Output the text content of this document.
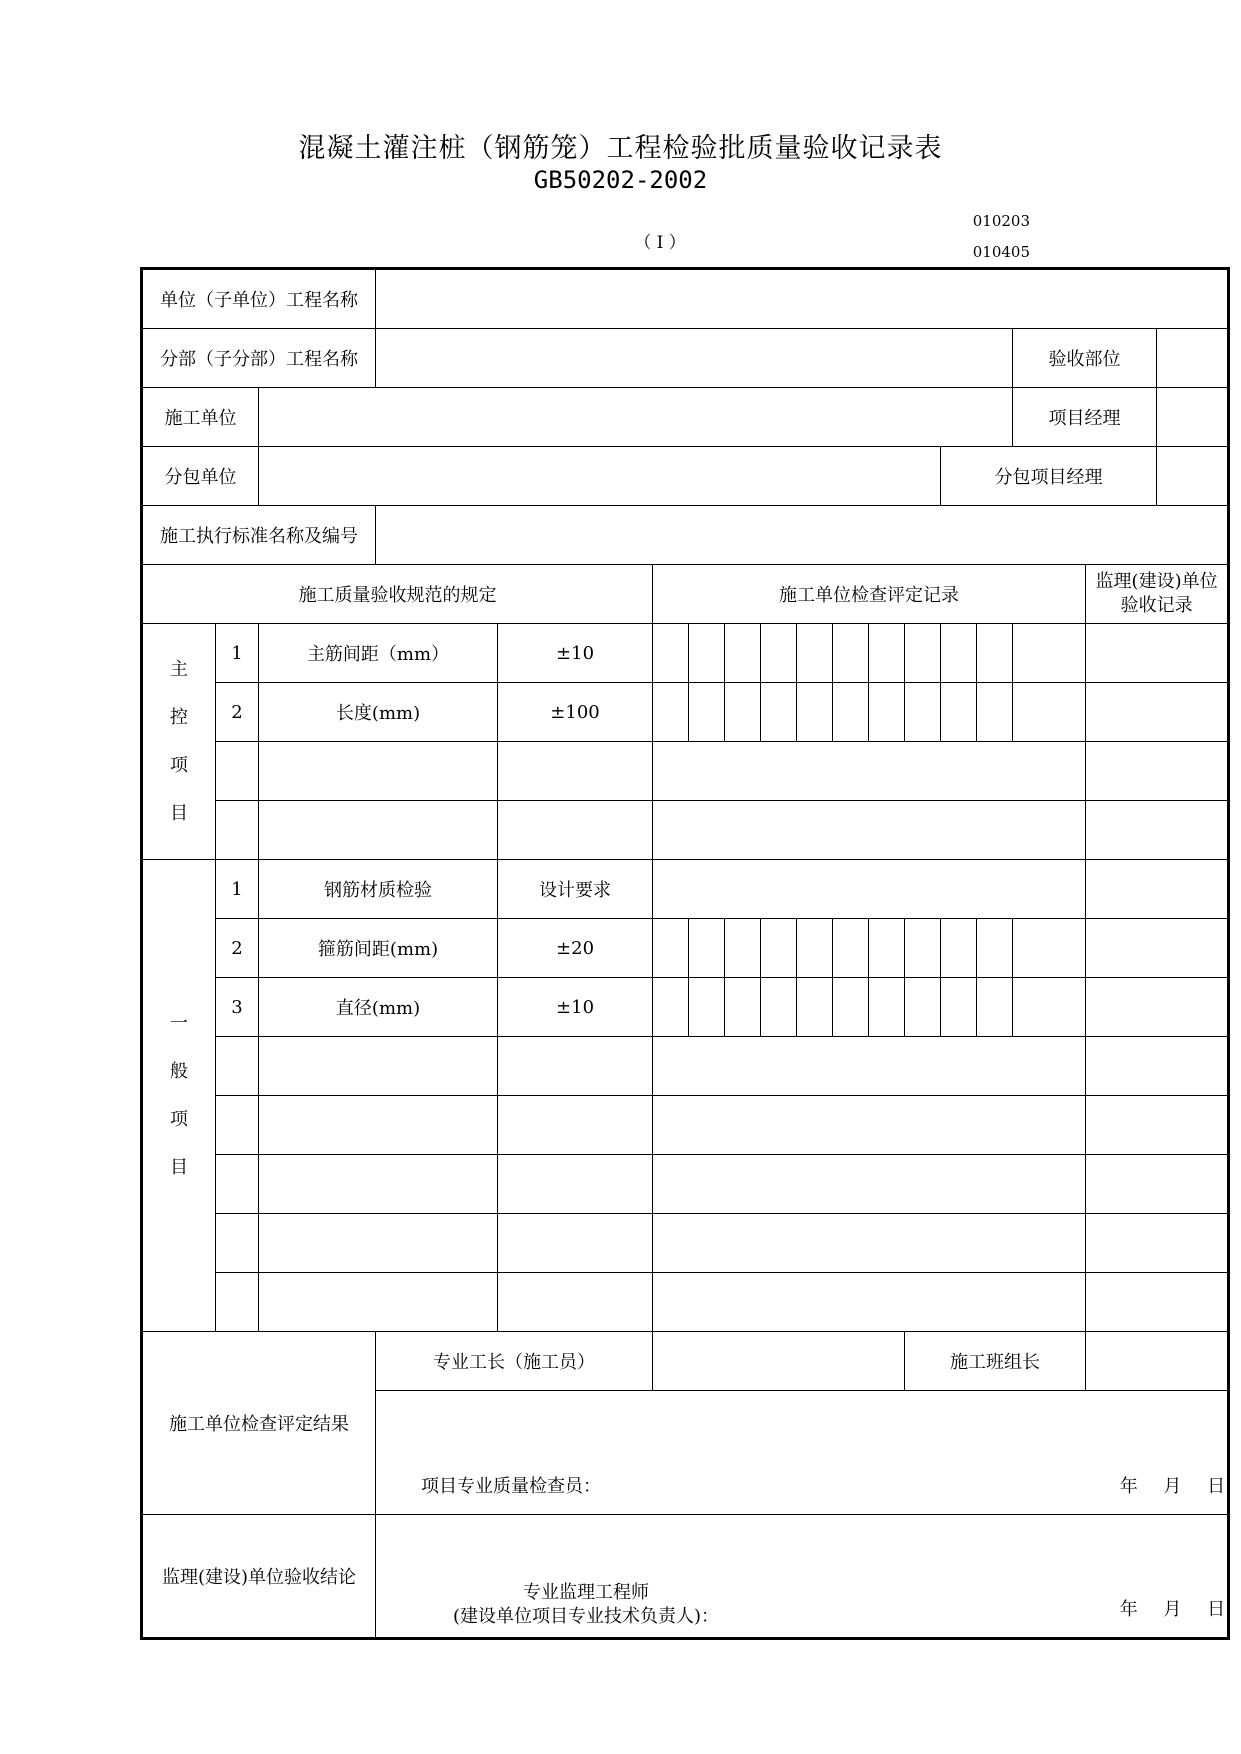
混凝土灌注桩（钢筋笼）工程检验批质量验收记录表
GB50202-2002
010203
（ I ）	010405
单位（子单位）工程名称																	
分部（子分部）工程名称															验收部位		
施工单位															项目经理		
分包单位													分包项目经理				
施工执行标准名称及编号																	
施工质量验收规范的规定					施工单位检查评定记录											监理(建设)单位
验收记录	
主 控 项 目	1	主筋间距（mm）		±10													
	2	长度(mm)		±100													

一 般 项 目	1	钢筋材质检验		设计要求													
	2	箍筋间距(mm)		±20													
	3	直径(mm)		±10													

施工单位检查评定结果			专业工长（施工员）									施工班组长					

			项目专业质量检查员： 年 月 日														

监理(建设)单位验收结论			专业监理工程师
(建设单位项目专业技术负责人)： 年 月 日														
